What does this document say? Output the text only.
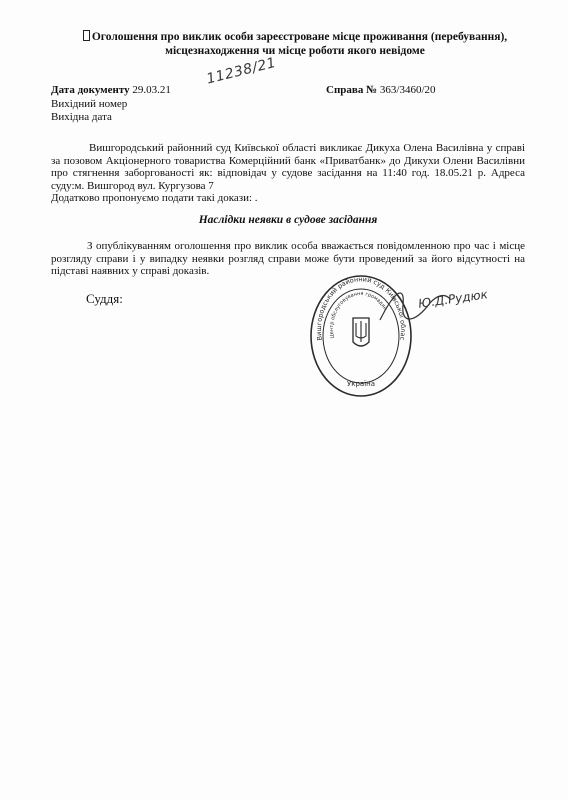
Оголошення про виклик особи зареєстроване місце проживання (перебування),
місцезнаходження чи місце роботи якого невідоме
Дата документу 29.03.21
Вихідний номер
Вихідна дата
11238/21
Справа № 363/3460/20

Вишгородський районний суд Київської області викликає Дикуха Олена Василівна у справі за позовом Акціонерного товариства Комерційний банк «Приватбанк» до Дикухи Олени Василівни про стягнення заборгованості як: відповідач у судове засідання на 11:40 год. 18.05.21 р. Адреса суду:м. Вишгород вул. Кургузова 7

Додатково пропонуємо подати такі докази: .

Наслідки неявки в судове засідання
З опублікуванням оголошення про виклик особа вважається повідомленною про час і місце розгляду справи і у випадку неявки розгляд справи може бути проведений за його відсутності на підставі наявних у справі доказів.
Суддя:
Вишгородський районний суд Київської облас
Центр обслуговування громадян
Україна
Ю.Д.Рудюк
